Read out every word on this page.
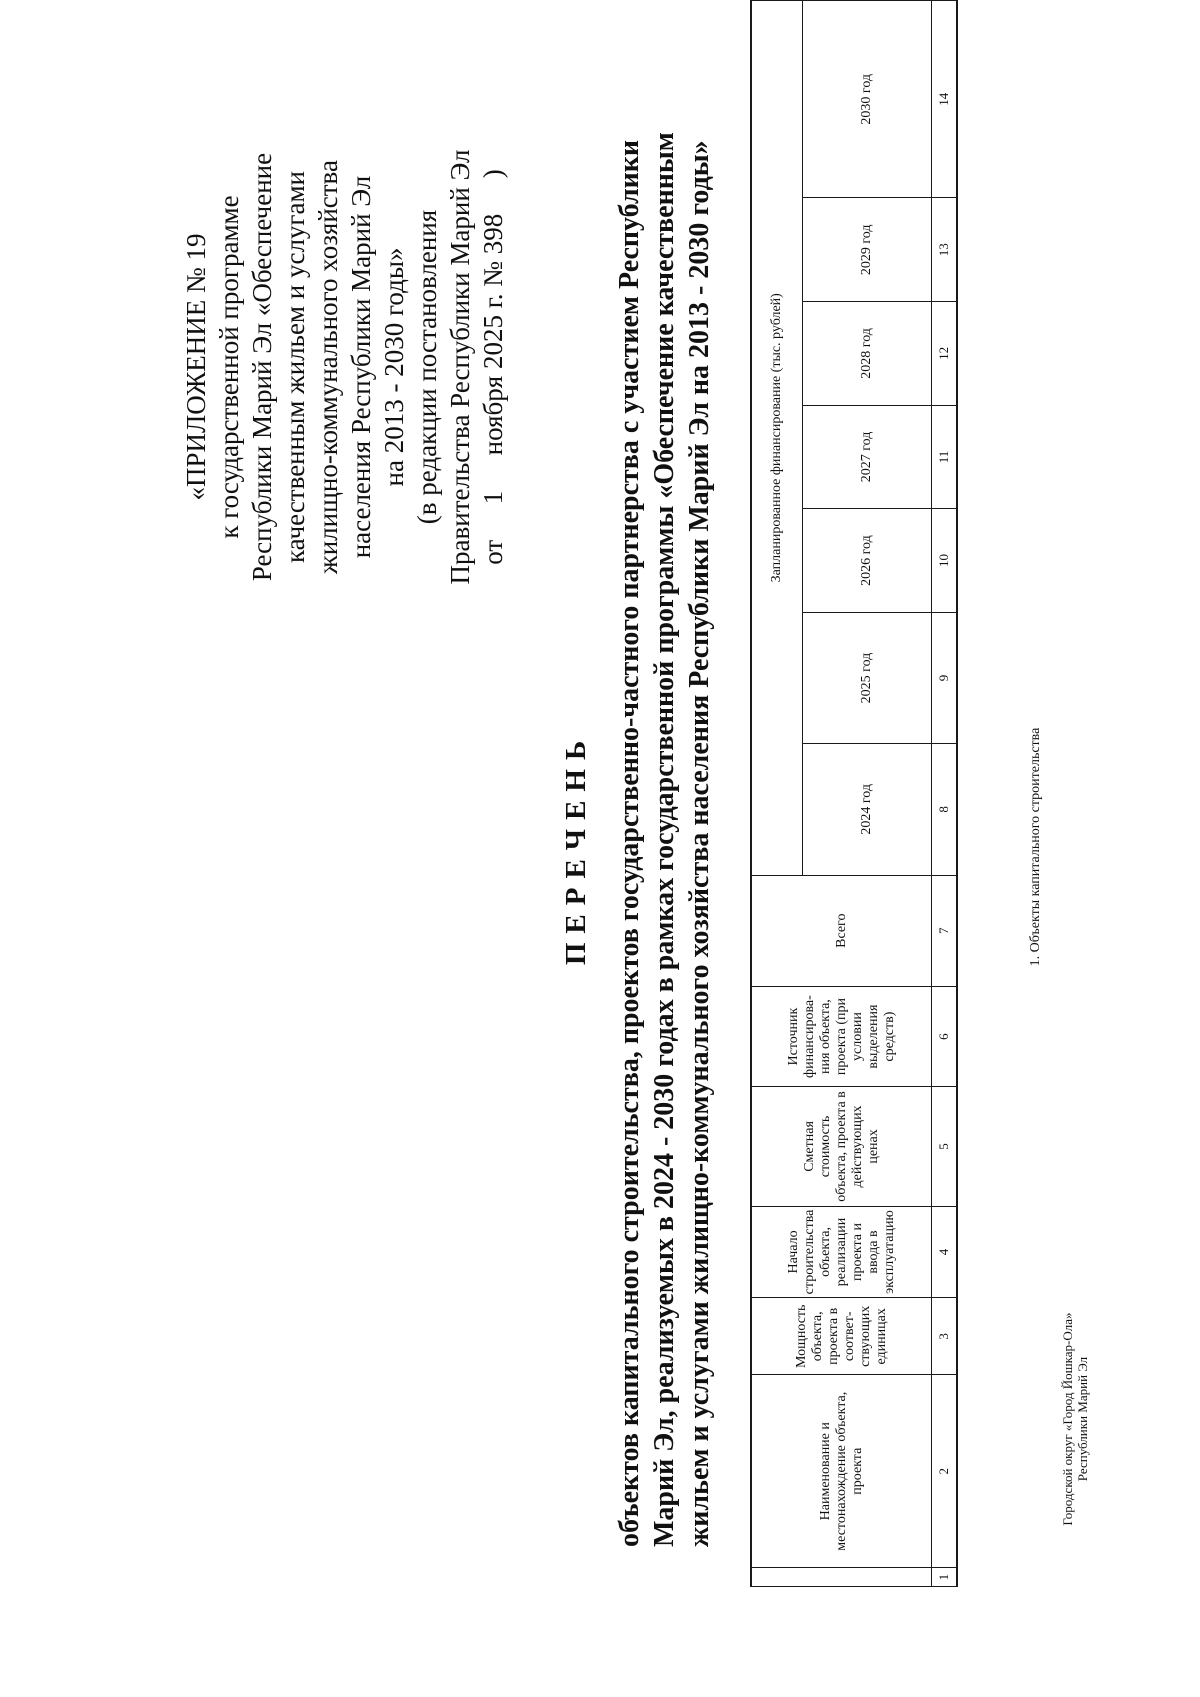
«ПРИЛОЖЕНИЕ № 19 к государственной программе Республики Марий Эл «Обеспечение качественным жильем и услугами жилищно-коммунального хозяйства населения Республики Марий Эл на 2013 - 2030 годы» (в редакции постановления Правительства Республики Марий Эл от  1  ноября 2025 г. № 398  )
ПЕРЕЧЕНЬ объектов капитального строительства, проектов государственно-частного партнерства с участием Республики Марий Эл, реализуемых в 2024 - 2030 годах в рамках государственной программы «Обеспечение качественным жильем и услугами жилищно-коммунального хозяйства населения Республики Марий Эл на 2013 - 2030 годы»
		Наименование и местонахождение объекта, проекта	Мощность объекта, проекта в соответ-ствующих единицах	Начало строительства объекта, реализации проекта и ввода в эксплуатацию	Сметная стоимость объекта, проекта в действующих ценах	Источник финансирова-ния объекта, проекта (при условии выделения средств)	Всего	Запланированное финансирование (тыс. рублей)						
							2024 год	2025 год	2026 год	2027 год	2028 год	2029 год	2030 год
1	2	3	4	5	6	7	8	9	10	11	12	13	14
1. Объекты капитального строительства
Городской округ «Город Йошкар-Ола» Республики Марий Эл
